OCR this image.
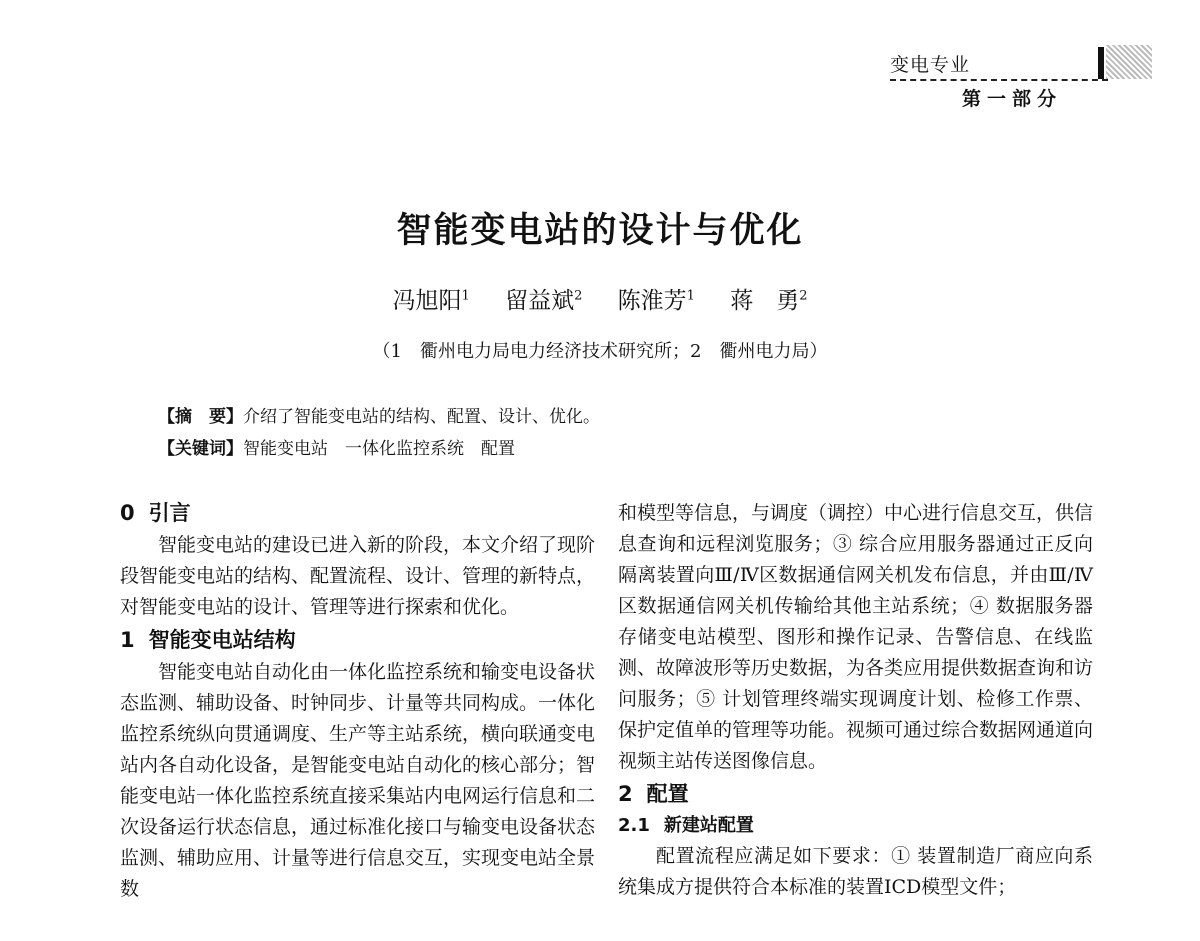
变电专业
第一部分
智能变电站的设计与优化
冯旭阳$^1$ 留益斌$^2$ 陈淮芳$^1$ 蒋　勇$^2$
（1　衢州电力局电力经济技术研究所；2　衢州电力局）
【摘　要】介绍了智能变电站的结构、配置、设计、优化。
【关键词】智能变电站　一体化监控系统　配置
0 引言

智能变电站的建设已进入新的阶段，本文介绍了现阶段智能变电站的结构、配置流程、设计、管理的新特点，对智能变电站的设计、管理等进行探索和优化。

1 智能变电站结构

智能变电站自动化由一体化监控系统和输变电设备状态监测、辅助设备、时钟同步、计量等共同构成。一体化监控系统纵向贯通调度、生产等主站系统，横向联通变电站内各自动化设备，是智能变电站自动化的核心部分；智能变电站一体化监控系统直接采集站内电网运行信息和二次设备运行状态信息，通过标准化接口与输变电设备状态监测、辅助应用、计量等进行信息交互，实现变电站全景数

和模型等信息，与调度（调控）中心进行信息交互，供信息查询和远程浏览服务；③ 综合应用服务器通过正反向隔离装置向Ⅲ/Ⅳ区数据通信网关机发布信息，并由Ⅲ/Ⅳ区数据通信网关机传输给其他主站系统；④ 数据服务器存储变电站模型、图形和操作记录、告警信息、在线监测、故障波形等历史数据，为各类应用提供数据查询和访问服务；⑤ 计划管理终端实现调度计划、检修工作票、保护定值单的管理等功能。视频可通过综合数据网通道向视频主站传送图像信息。

2 配置
2.1 新建站配置

配置流程应满足如下要求：① 装置制造厂商应向系统集成方提供符合本标准的装置ICD模型文件；
